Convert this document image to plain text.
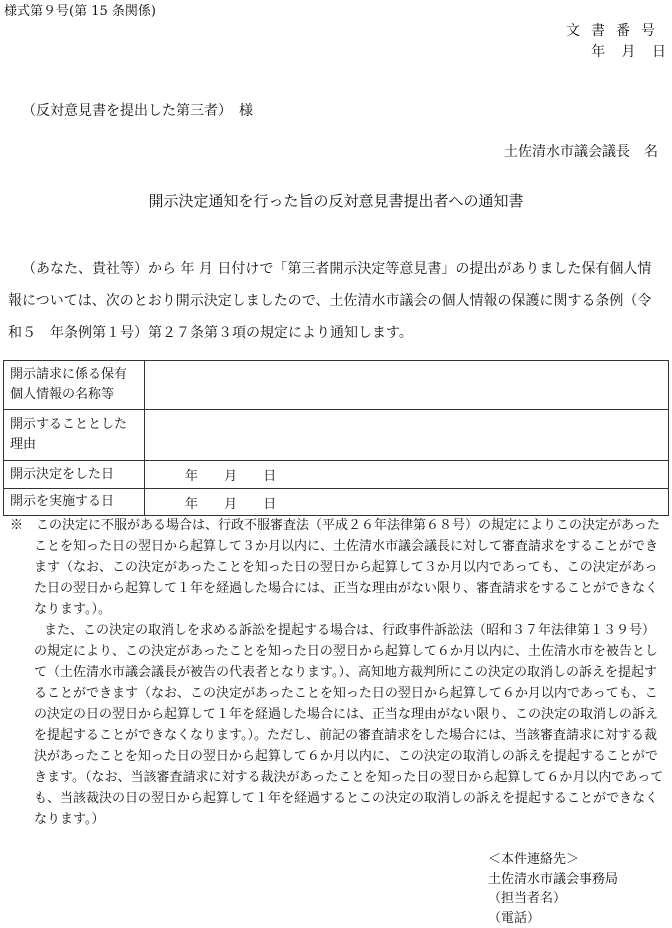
様式第９号(第 15 条関係)
文書番号
年 月 日
（反対意見書を提出した第三者）　様
土佐清水市議会議長　名
開示決定通知を行った旨の反対意見書提出者への通知書

（あなた、貴社等）から 年 月 日付けで「第三者開示決定等意見書」の提出がありました保有個人情報については、次のとおり開示決定しましたので、土佐清水市議会の個人情報の保護に関する条例（令和５　年条例第１号）第２７条第３項の規定により通知します。

開示請求に係る保有個人情報の名称等	
開示することとした理由	
開示決定をした日	年 月 日
開示を実施する日	年 月 日

※　この決定に不服がある場合は、行政不服審査法（平成２６年法律第６８号）の規定によりこの決定があったことを知った日の翌日から起算して３か月以内に、土佐清水市議会議長に対して審査請求をすることができます（なお、この決定があったことを知った日の翌日から起算して３か月以内であっても、この決定があった日の翌日から起算して１年を経過した場合には、正当な理由がない限り、審査請求をすることができなくなります。）。

また、この決定の取消しを求める訴訟を提起する場合は、行政事件訴訟法（昭和３７年法律第１３９号）の規定により、この決定があったことを知った日の翌日から起算して６か月以内に、土佐清水市を被告として（土佐清水市議会議長が被告の代表者となります。）、高知地方裁判所にこの決定の取消しの訴えを提起することができます（なお、この決定があったことを知った日の翌日から起算して６か月以内であっても、この決定の日の翌日から起算して１年を経過した場合には、正当な理由がない限り、この決定の取消しの訴えを提起することができなくなります。）。ただし、前記の審査請求をした場合には、当該審査請求に対する裁決があったことを知った日の翌日から起算して６か月以内に、この決定の取消しの訴えを提起することができます。（なお、当該審査請求に対する裁決があったことを知った日の翌日から起算して６か月以内であっても、当該裁決の日の翌日から起算して１年を経過するとこの決定の取消しの訴えを提起することができなくなります。）

＜本件連絡先＞
土佐清水市議会事務局
（担当者名）
（電話）
